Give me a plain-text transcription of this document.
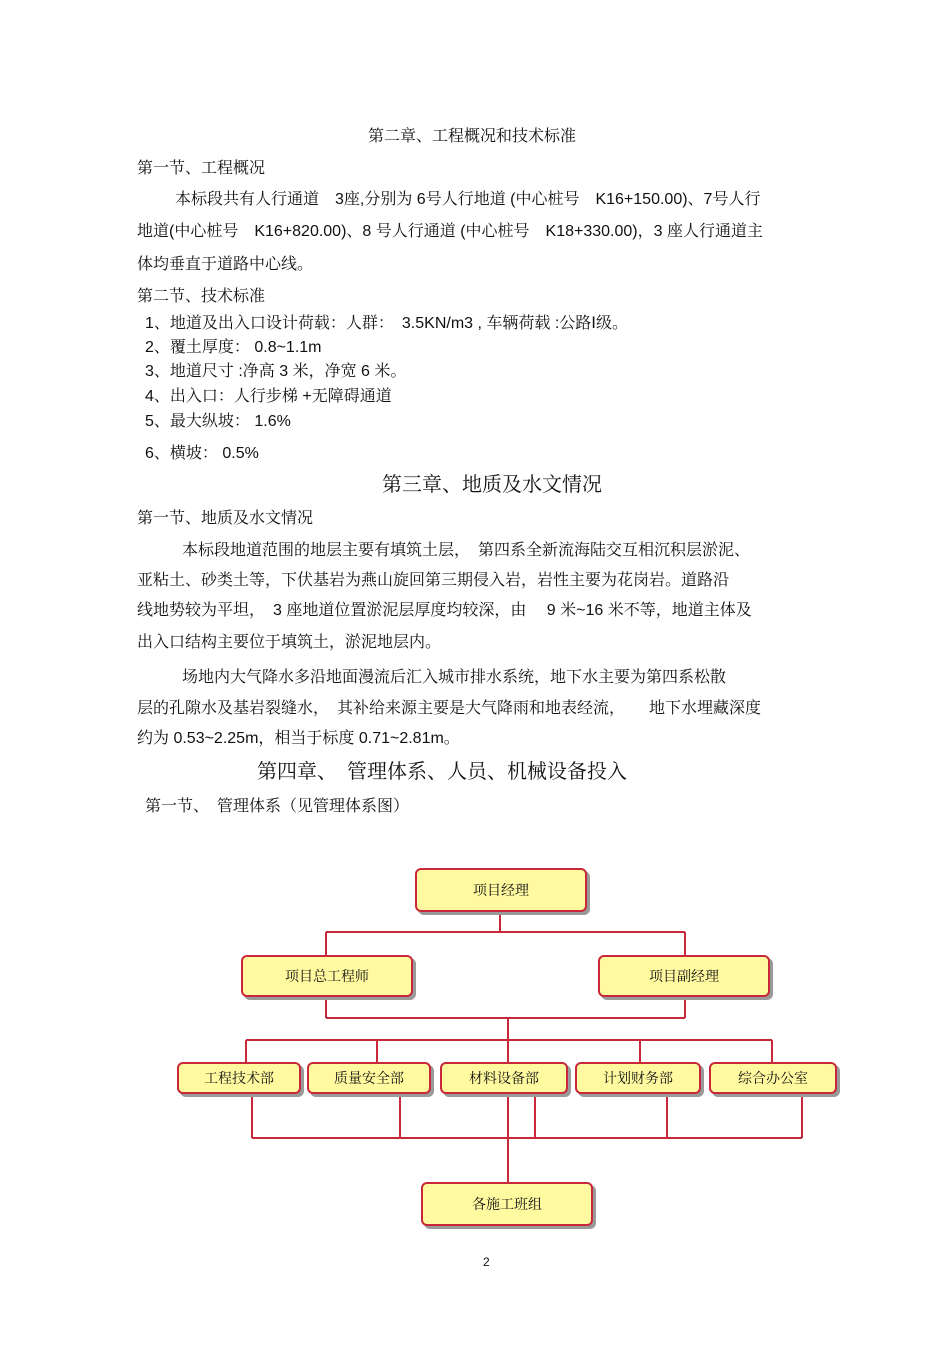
第二章、工程概况和技术标准
第一节、工程概况
本标段共有人行通道　3座,分别为 6号人行地道 (中心桩号　K16+150.00)、7号人行
地道(中心桩号　K16+820.00)、8 号人行通道 (中心桩号　K18+330.00)，3 座人行通道主
体均垂直于道路中心线。
第二节、技术标准
1、地道及出入口设计荷载：人群：　3.5KN/m3 , 车辆荷载 :公路Ⅰ级。
2、覆土厚度： 0.8~1.1m
3、地道尺寸 :净高 3 米，净宽 6 米。
4、出入口：人行步梯 +无障碍通道
5、最大纵坡： 1.6%
6、横坡： 0.5%
第三章、地质及水文情况
第一节、地质及水文情况
本标段地道范围的地层主要有填筑土层，　第四系全新流海陆交互相沉积层淤泥、
亚粘土、砂类土等，下伏基岩为燕山旋回第三期侵入岩，岩性主要为花岗岩。道路沿
线地势较为平坦，　3 座地道位置淤泥层厚度均较深，由　 9 米~16 米不等，地道主体及
出入口结构主要位于填筑土，淤泥地层内。
场地内大气降水多沿地面漫流后汇入城市排水系统，地下水主要为第四系松散
层的孔隙水及基岩裂缝水，　其补给来源主要是大气降雨和地表经流，　　地下水埋藏深度
约为 0.53~2.25m，相当于标度 0.71~2.81m。
第四章、　管理体系、人员、机械设备投入
第一节、　管理体系（见管理体系图）
项目经理
项目总工程师	项目副经理
工程技术部	质量安全部	材料设备部	计划财务部	综合办公室
各施工班组
2
